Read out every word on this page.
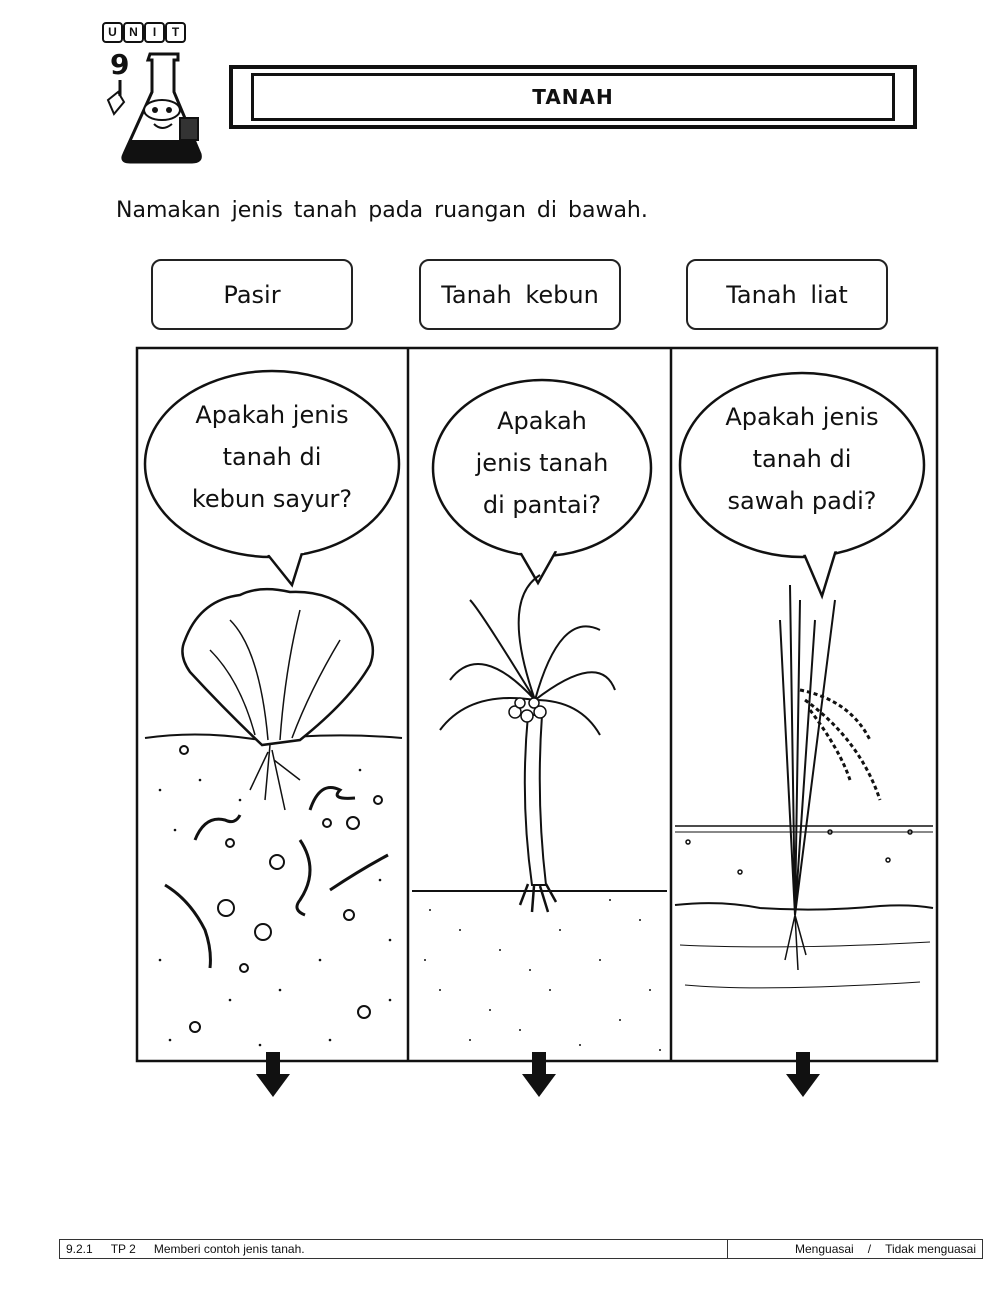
U	N	I	T
9
TANAH
Namakan jenis tanah pada ruangan di bawah.
Pasir	Tanah kebun	Tanah liat
Apakah jenis
tanah di
kebun sayur?
Apakah
jenis tanah
di pantai?
Apakah jenis
tanah di
sawah padi?
9.2.1 TP 2 Memberi contoh jenis tanah.	Menguasai / Tidak menguasai
